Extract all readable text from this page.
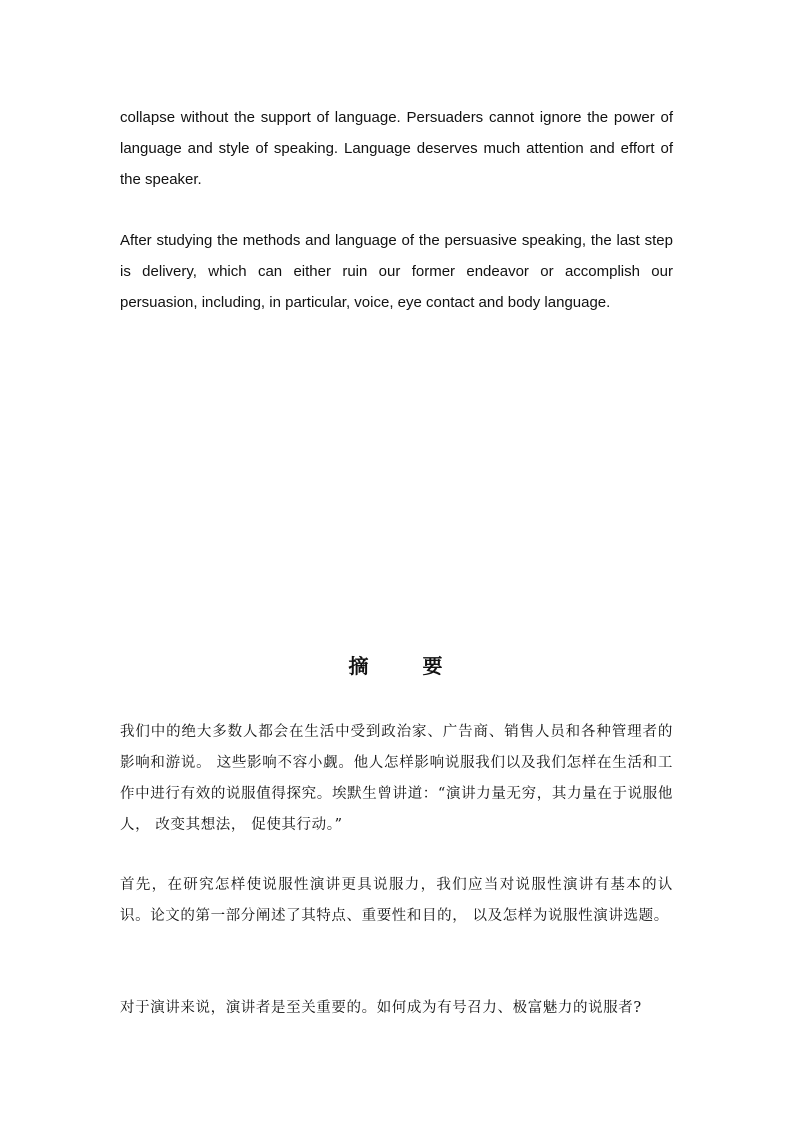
collapse without the support of language. Persuaders cannot ignore the power of language and style of speaking. Language deserves much attention and effort of the speaker.

After studying the methods and language of the persuasive speaking, the last step is delivery, which can either ruin our former endeavor or accomplish our persuasion, including, in particular, voice, eye contact and body language.

摘	要

我们中的绝大多数人都会在生活中受到政治家、广告商、销售人员和各种管理者的影响和游说。 这些影响不容小觑。他人怎样影响说服我们以及我们怎样在生活和工作中进行有效的说服值得探究。埃默生曾讲道：“演讲力量无穷，其力量在于说服他人， 改变其想法， 促使其行动。”

首先，在研究怎样使说服性演讲更具说服力，我们应当对说服性演讲有基本的认识。论文的第一部分阐述了其特点、重要性和目的， 以及怎样为说服性演讲选题。

对于演讲来说，演讲者是至关重要的。如何成为有号召力、极富魅力的说服者?
